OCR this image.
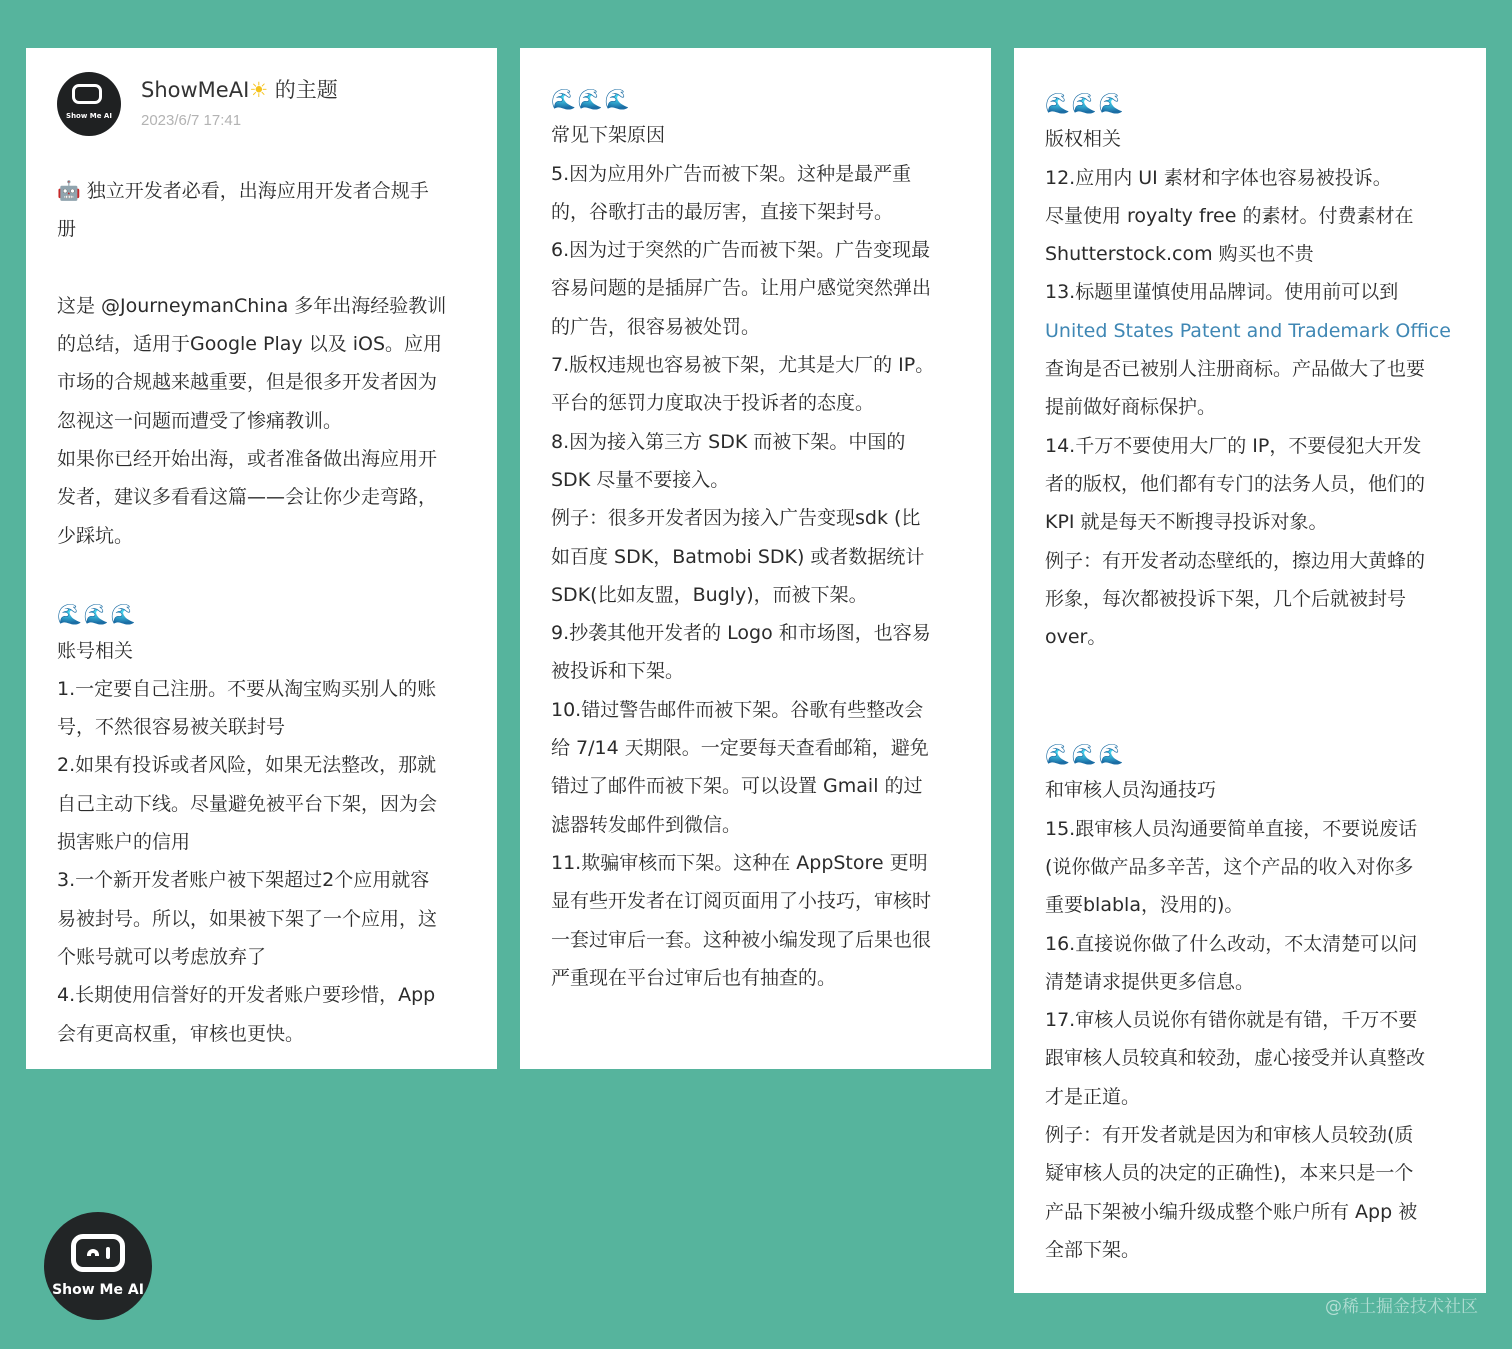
Show Me AI
ShowMeAI☀ 的主题
2023/6/7 17:41
🤖 独立开发者必看，出海应用开发者合规手
册
这是 @JourneymanChina 多年出海经验教训
的总结，适用于Google Play 以及 iOS。应用
市场的合规越来越重要，但是很多开发者因为
忽视这一问题而遭受了惨痛教训。
如果你已经开始出海，或者准备做出海应用开
发者，建议多看看这篇——会让你少走弯路，
少踩坑。
🌊🌊🌊
账号相关
1.一定要自己注册。不要从淘宝购买别人的账
号，不然很容易被关联封号
2.如果有投诉或者风险，如果无法整改，那就
自己主动下线。尽量避免被平台下架，因为会
损害账户的信用
3.一个新开发者账户被下架超过2个应用就容
易被封号。所以，如果被下架了一个应用，这
个账号就可以考虑放弃了
4.长期使用信誉好的开发者账户要珍惜，App
会有更高权重，审核也更快。
🌊🌊🌊
常见下架原因
5.因为应用外广告而被下架。这种是最严重
的，谷歌打击的最厉害，直接下架封号。
6.因为过于突然的广告而被下架。广告变现最
容易问题的是插屏广告。让用户感觉突然弹出
的广告，很容易被处罚。
7.版权违规也容易被下架，尤其是大厂的 IP。
平台的惩罚力度取决于投诉者的态度。
8.因为接入第三方 SDK 而被下架。中国的
SDK 尽量不要接入。
例子：很多开发者因为接入广告变现sdk (比
如百度 SDK，Batmobi SDK) 或者数据统计
SDK(比如友盟，Bugly)，而被下架。
9.抄袭其他开发者的 Logo 和市场图，也容易
被投诉和下架。
10.错过警告邮件而被下架。谷歌有些整改会
给 7/14 天期限。一定要每天查看邮箱，避免
错过了邮件而被下架。可以设置 Gmail 的过
滤器转发邮件到微信。
11.欺骗审核而下架。这种在 AppStore 更明
显有些开发者在订阅页面用了小技巧，审核时
一套过审后一套。这种被小编发现了后果也很
严重现在平台过审后也有抽查的。
🌊🌊🌊
版权相关
12.应用内 UI 素材和字体也容易被投诉。
尽量使用 royalty free 的素材。付费素材在
Shutterstock.com 购买也不贵
13.标题里谨慎使用品牌词。使用前可以到
United States Patent and Trademark Office
查询是否已被别人注册商标。产品做大了也要
提前做好商标保护。
14.千万不要使用大厂的 IP，不要侵犯大开发
者的版权，他们都有专门的法务人员，他们的
KPI 就是每天不断搜寻投诉对象。
例子：有开发者动态壁纸的，擦边用大黄蜂的
形象，每次都被投诉下架，几个后就被封号
over。
🌊🌊🌊
和审核人员沟通技巧
15.跟审核人员沟通要简单直接，不要说废话
(说你做产品多辛苦，这个产品的收入对你多
重要blabla，没用的)。
16.直接说你做了什么改动，不太清楚可以问
清楚请求提供更多信息。
17.审核人员说你有错你就是有错，千万不要
跟审核人员较真和较劲，虚心接受并认真整改
才是正道。
例子：有开发者就是因为和审核人员较劲(质
疑审核人员的决定的正确性)，本来只是一个
产品下架被小编升级成整个账户所有 App 被
全部下架。
Show Me AI
@稀土掘金技术社区
